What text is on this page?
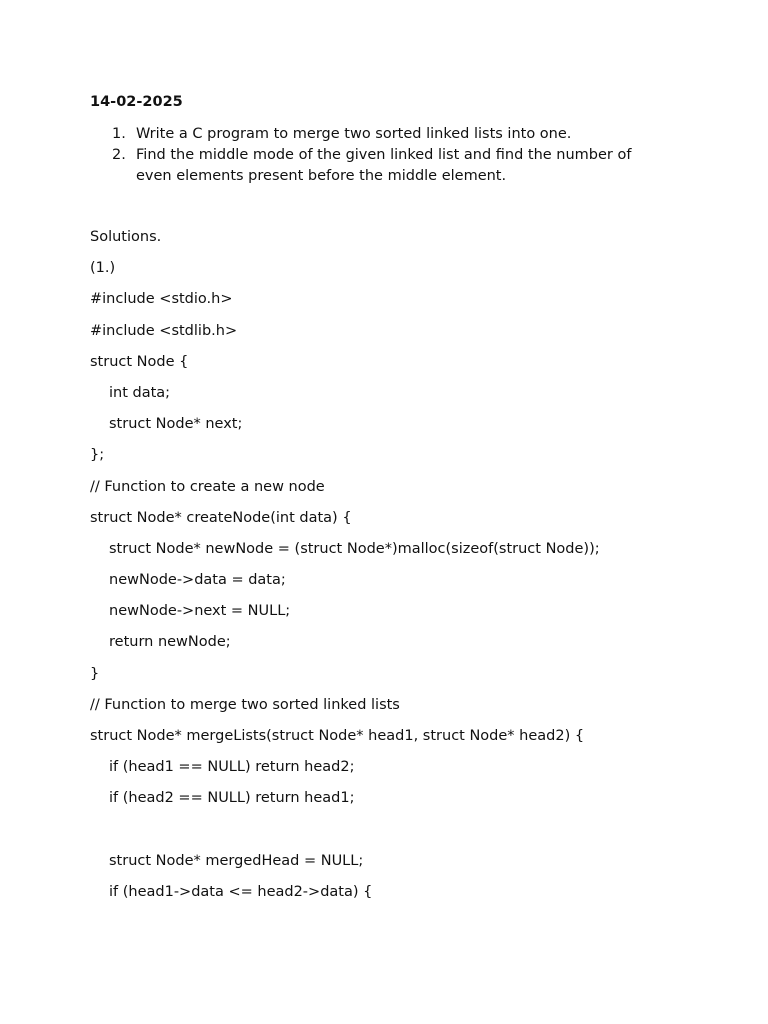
14-02-2025
1. Write a C program to merge two sorted linked lists into one.
2. Find the middle mode of the given linked list and find the number of even elements present before the middle element.
Solutions.
(1.)
#include <stdio.h>
#include <stdlib.h>
struct Node {
int data;
struct Node* next;
};
// Function to create a new node
struct Node* createNode(int data) {
struct Node* newNode = (struct Node*)malloc(sizeof(struct Node));
newNode->data = data;
newNode->next = NULL;
return newNode;
}
// Function to merge two sorted linked lists
struct Node* mergeLists(struct Node* head1, struct Node* head2) {
if (head1 == NULL) return head2;
if (head2 == NULL) return head1;
struct Node* mergedHead = NULL;
if (head1->data <= head2->data) {
